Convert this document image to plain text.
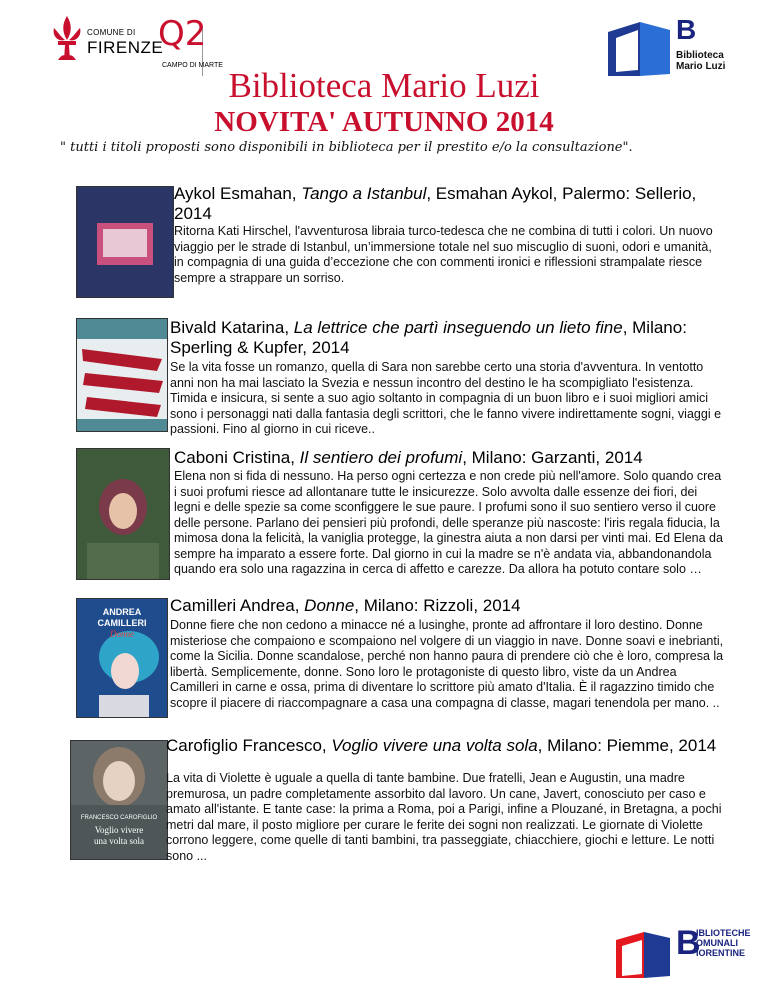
COMUNE DI
FIRENZE
Q2
CAMPO DI MARTE
B
Biblioteca Mario Luzi
Biblioteca Mario Luzi
NOVITA' AUTUNNO 2014
" tutti i titoli proposti sono disponibili in biblioteca per il prestito e/o la consultazione".
Aykol Esmahan, Tango a Istanbul, Esmahan Aykol, Palermo: Sellerio, 2014
Ritorna Kati Hirschel, l'avventurosa libraia turco-tedesca che ne combina di tutti i colori. Un nuovo viaggio per le strade di Istanbul, un’immersione totale nel suo miscuglio di suoni, odori e umanità, in compagnia di una guida d’eccezione che con commenti ironici e riflessioni strampalate riesce sempre a strappare un sorriso.
Bivald Katarina, La lettrice che partì inseguendo un lieto fine, Milano: Sperling & Kupfer, 2014
Se la vita fosse un romanzo, quella di Sara non sarebbe certo una storia d'avventura. In ventotto anni non ha mai lasciato la Svezia e nessun incontro del destino le ha scompigliato l'esistenza. Timida e insicura, si sente a suo agio soltanto in compagnia di un buon libro e i suoi migliori amici sono i personaggi nati dalla fantasia degli scrittori, che le fanno vivere indirettamente sogni, viaggi e passioni. Fino al giorno in cui riceve..
Caboni Cristina, Il sentiero dei profumi, Milano: Garzanti, 2014
Elena non si fida di nessuno. Ha perso ogni certezza e non crede più nell'amore. Solo quando crea i suoi profumi riesce ad allontanare tutte le insicurezze. Solo avvolta dalle essenze dei fiori, dei legni e delle spezie sa come sconfiggere le sue paure. I profumi sono il suo sentiero verso il cuore delle persone. Parlano dei pensieri più profondi, delle speranze più nascoste: l'iris regala fiducia, la mimosa dona la felicità, la vaniglia protegge, la ginestra aiuta a non darsi per vinti mai. Ed Elena da sempre ha imparato a essere forte. Dal giorno in cui la madre se n'è andata via, abbandonandola quando era solo una ragazzina in cerca di affetto e carezze. Da allora ha potuto contare solo …
ANDREA
CAMILLERI
Donne
Camilleri Andrea, Donne, Milano: Rizzoli, 2014
Donne fiere che non cedono a minacce né a lusinghe, pronte ad affrontare il loro destino. Donne misteriose che compaiono e scompaiono nel volgere di un viaggio in nave. Donne soavi e inebrianti, come la Sicilia. Donne scandalose, perché non hanno paura di prendere ciò che è loro, compresa la libertà. Semplicemente, donne. Sono loro le protagoniste di questo libro, viste da un Andrea Camilleri in carne e ossa, prima di diventare lo scrittore più amato d'Italia. È il ragazzino timido che scopre il piacere di riaccompagnare a casa una compagna di classe, magari tenendola per mano. ..
FRANCESCO CAROFIGLIO
Voglio vivere
una volta sola
Carofiglio Francesco, Voglio vivere una volta sola, Milano: Piemme, 2014
La vita di Violette è uguale a quella di tante bambine. Due fratelli, Jean e Augustin, una madre premurosa, un padre completamente assorbito dal lavoro. Un cane, Javert, conosciuto per caso e amato all'istante. E tante case: la prima a Roma, poi a Parigi, infine a Plouzané, in Bretagna, a pochi metri dal mare, il posto migliore per curare le ferite dei sogni non realizzati. Le giornate di Violette corrono leggere, come quelle di tanti bambini, tra passeggiate, chiacchiere, giochi e letture. Le notti sono ...
B
IBLIOTECHE OMUNALI IORENTINE
